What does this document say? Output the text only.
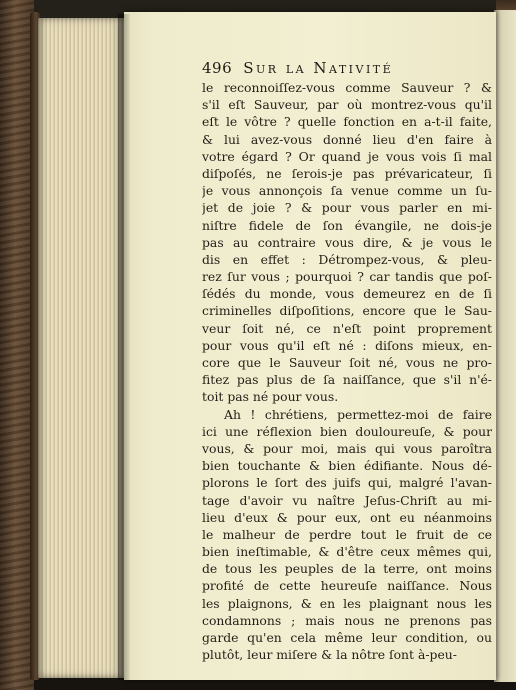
496 Sur la Nativité
le reconnoiſſez-vous comme Sauveur ? &
s'il eſt Sauveur, par où montrez-vous qu'il
eſt le vôtre ? quelle fonction en a-t-il faite,
& lui avez-vous donné lieu d'en faire à
votre égard ? Or quand je vous vois ſi mal
diſpoſés, ne ſerois-je pas prévaricateur, ſi
je vous annonçois ſa venue comme un ſu-
jet de joie ? & pour vous parler en mi-
niſtre fidele de ſon évangile, ne dois-je
pas au contraire vous dire, & je vous le
dis en effet : Détrompez-vous, & pleu-
rez ſur vous ; pourquoi ? car tandis que poſ-
ſédés du monde, vous demeurez en de ſi
criminelles diſpoſitions, encore que le Sau-
veur ſoit né, ce n'eſt point proprement
pour vous qu'il eſt né : diſons mieux, en-
core que le Sauveur ſoit né, vous ne pro-
fitez pas plus de ſa naiſſance, que s'il n'é-
toit pas né pour vous.
Ah ! chrétiens, permettez-moi de faire
ici une réflexion bien douloureuſe, & pour
vous, & pour moi, mais qui vous paroîtra
bien touchante & bien édifiante. Nous dé-
plorons le ſort des juifs qui, malgré l'avan-
tage d'avoir vu naître Jeſus-Chriſt au mi-
lieu d'eux & pour eux, ont eu néanmoins
le malheur de perdre tout le fruit de ce
bien ineſtimable, & d'être ceux mêmes qui,
de tous les peuples de la terre, ont moins
profité de cette heureuſe naiſſance. Nous
les plaignons, & en les plaignant nous les
condamnons ; mais nous ne prenons pas
garde qu'en cela même leur condition, ou
plutôt, leur miſere & la nôtre ſont à-peu-
